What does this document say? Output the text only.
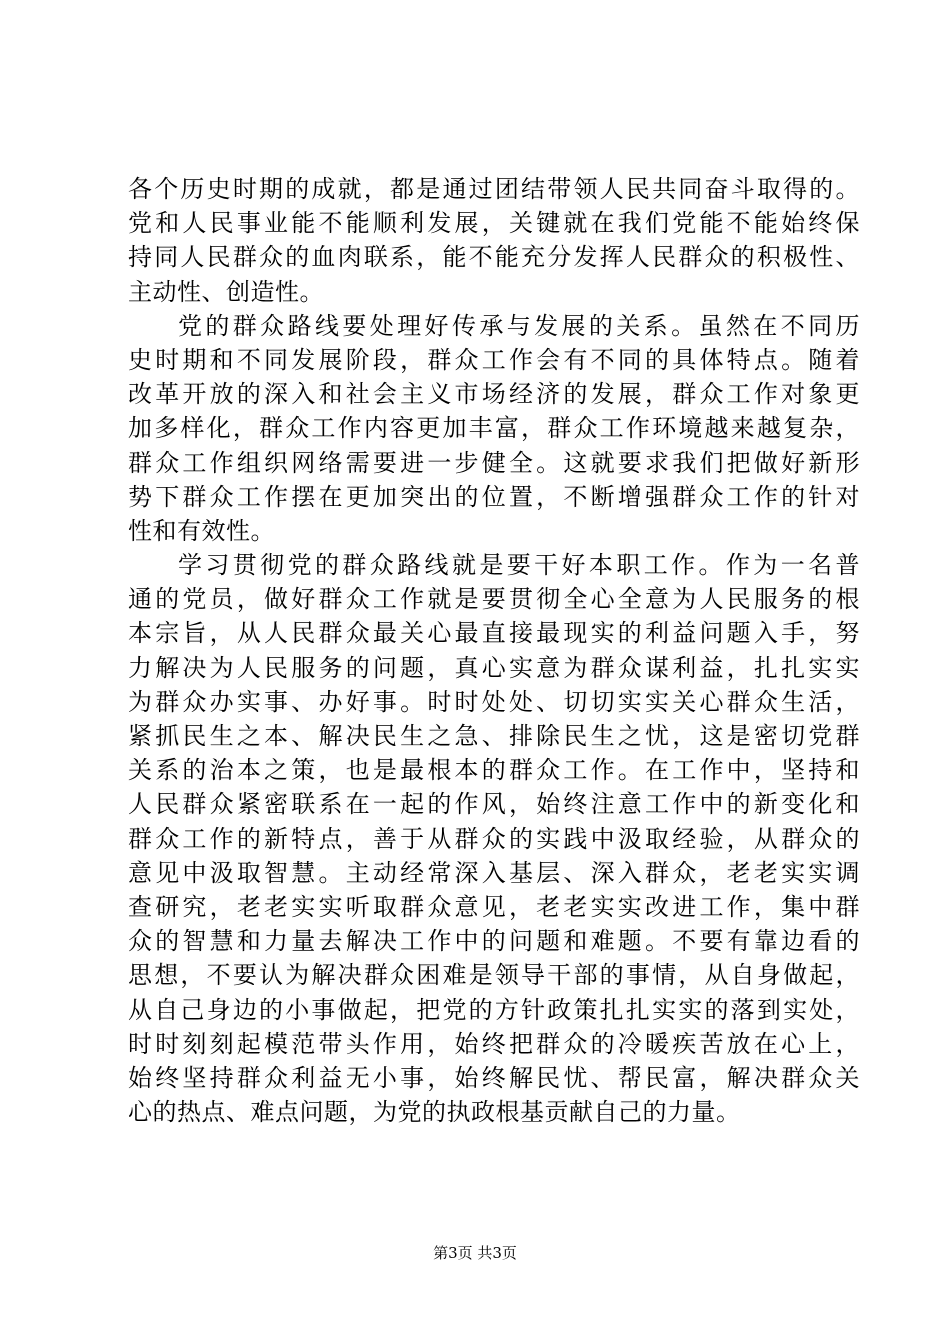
各个历史时期的成就，都是通过团结带领人民共同奋斗取得的。
党和人民事业能不能顺利发展，关键就在我们党能不能始终保
持同人民群众的血肉联系，能不能充分发挥人民群众的积极性、
主动性、创造性。
党的群众路线要处理好传承与发展的关系。虽然在不同历
史时期和不同发展阶段，群众工作会有不同的具体特点。随着
改革开放的深入和社会主义市场经济的发展，群众工作对象更
加多样化，群众工作内容更加丰富，群众工作环境越来越复杂，
群众工作组织网络需要进一步健全。这就要求我们把做好新形
势下群众工作摆在更加突出的位置，不断增强群众工作的针对
性和有效性。
学习贯彻党的群众路线就是要干好本职工作。作为一名普
通的党员，做好群众工作就是要贯彻全心全意为人民服务的根
本宗旨，从人民群众最关心最直接最现实的利益问题入手，努
力解决为人民服务的问题，真心实意为群众谋利益，扎扎实实
为群众办实事、办好事。时时处处、切切实实关心群众生活，
紧抓民生之本、解决民生之急、排除民生之忧，这是密切党群
关系的治本之策，也是最根本的群众工作。在工作中，坚持和
人民群众紧密联系在一起的作风，始终注意工作中的新变化和
群众工作的新特点，善于从群众的实践中汲取经验，从群众的
意见中汲取智慧。主动经常深入基层、深入群众，老老实实调
查研究，老老实实听取群众意见，老老实实改进工作，集中群
众的智慧和力量去解决工作中的问题和难题。不要有靠边看的
思想，不要认为解决群众困难是领导干部的事情，从自身做起，
从自己身边的小事做起，把党的方针政策扎扎实实的落到实处，
时时刻刻起模范带头作用，始终把群众的冷暖疾苦放在心上，
始终坚持群众利益无小事，始终解民忧、帮民富，解决群众关
心的热点、难点问题，为党的执政根基贡献自己的力量。
第3页 共3页
